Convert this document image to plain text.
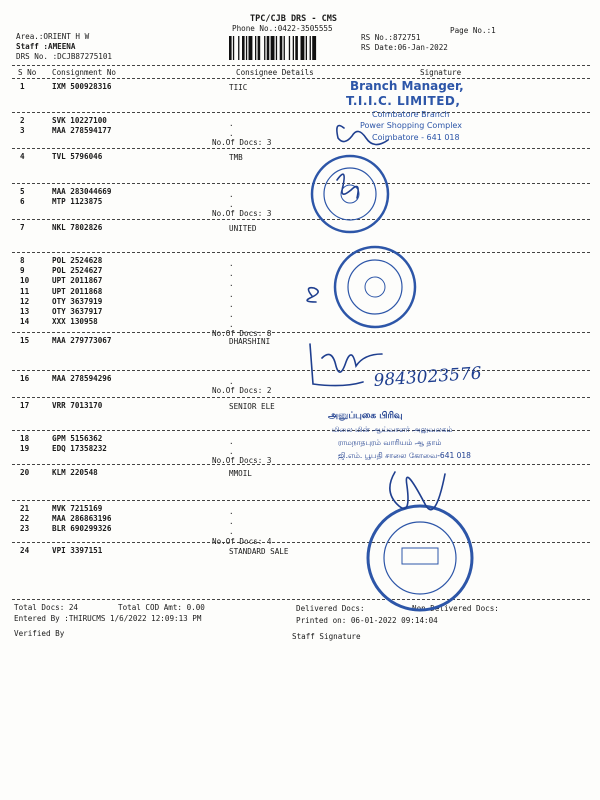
TPC/CJB DRS - CMS
Phone No.:0422-3505555	Page No.:1
Area.:ORIENT H W
Staff :AMEENA
DRS No. :DCJB87275101
RS No.:872751
RS Date:06-Jan-2022
S No Consignment No	Consignee Details	Signature
1	IXM 500928316	TIIC
2	SVK 10227100	.
3	MAA 278594177	.
No.Of Docs: 3
4	TVL 5796046	TMB
5	MAA 283044669	.
6	MTP 1123875	.
No.Of Docs: 3
7	NKL 7802826	UNITED
8	POL 2524628	.
9	POL 2524627	.
10	UPT 2011867	.
11	UPT 2011868	.
12	OTY 3637919	.
13	OTY 3637917	.
14	XXX 130958	.
No.Of Docs: 8
15	MAA 279773067	DHARSHINI
16	MAA 278594296	.
No.Of Docs: 2
17	VRR 7013170	SENIOR ELE
18	GPM 5156362	.
19	EDQ 17358232	.
No.Of Docs: 3
20	KLM 220548	MMOIL
21	MVK 7215169	.
22	MAA 286863196	.
23	BLR 690299326	.
No.Of Docs: 4
24	VPI 3397151	STANDARD SALE
Total Docs: 24	Total COD Amt: 0.00	Delivered Docs:	Non Delivered Docs:
Entered By :THIRUCMS 1/6/2022 12:09:13 PM	Printed on: 06-01-2022 09:14:04
Verified By	Staff Signature
Branch Manager,
T.I.I.C. LIMITED,
Coimbatore Branch
Power Shopping Complex
Coimbatore - 641 018
அனுப்புகை பிரிவு
மிலை மின் ஆய்வாளர் அலுவலகம்
ராமநாதபுரம் வாரியம் ஆ தாம்
ஜி.எம். பூபதி சாலை கோவை-641 018
9843023576
